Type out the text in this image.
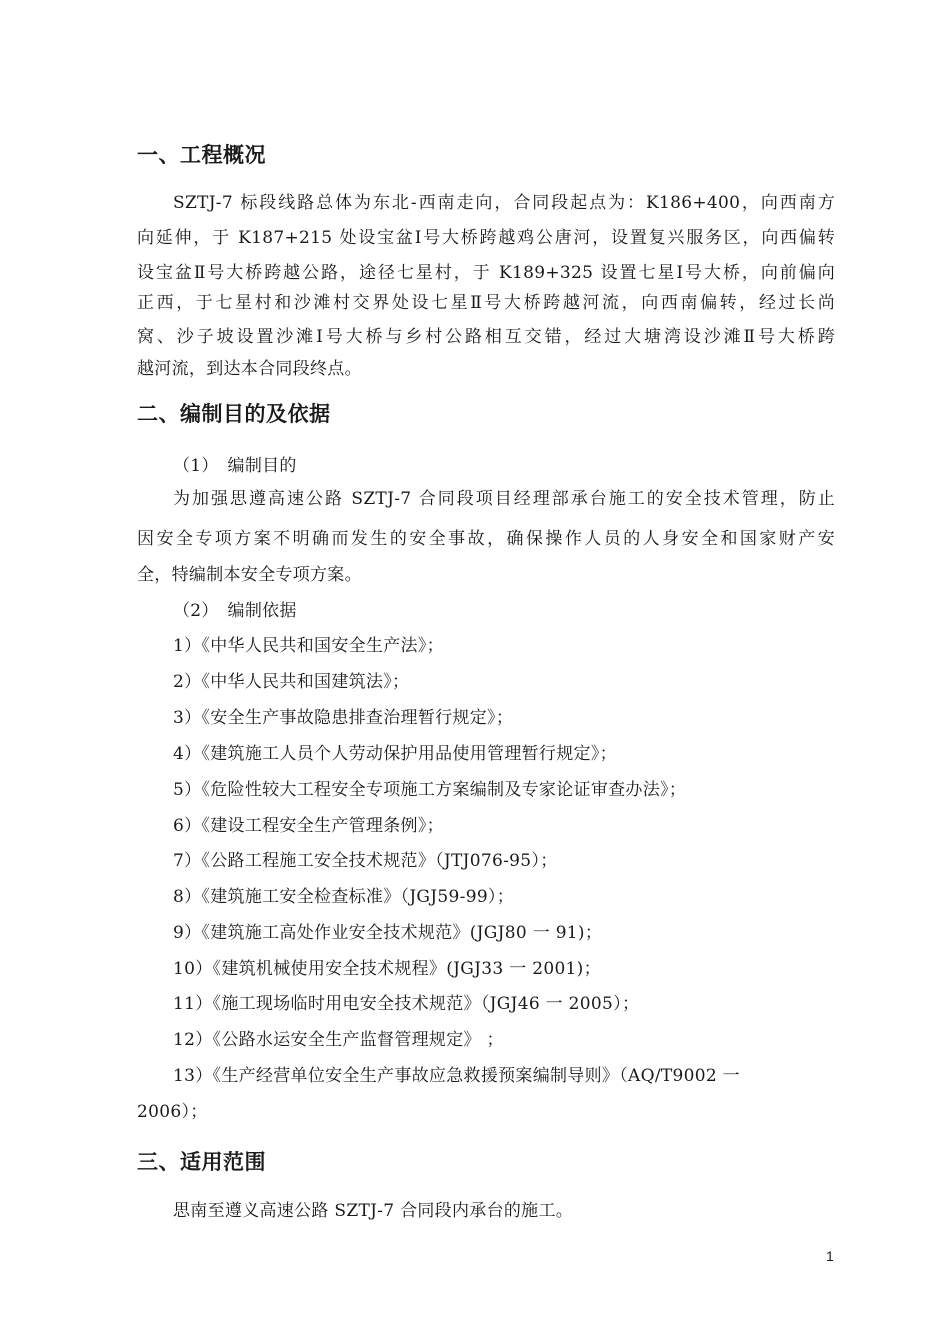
一、工程概况
SZTJ-7 标段线路总体为东北-西南走向，合同段起点为：K186+400，向西南方
向延伸，于 K187+215 处设宝盆Ⅰ号大桥跨越鸡公唐河，设置复兴服务区，向西偏转
设宝盆Ⅱ号大桥跨越公路，途径七星村，于 K189+325 设置七星Ⅰ号大桥，向前偏向
正西，于七星村和沙滩村交界处设七星Ⅱ号大桥跨越河流，向西南偏转，经过长尚
窝、沙子坡设置沙滩Ⅰ号大桥与乡村公路相互交错，经过大塘湾设沙滩Ⅱ号大桥跨
越河流，到达本合同段终点。
二、编制目的及依据
（1）　编制目的
为加强思遵高速公路 SZTJ-7 合同段项目经理部承台施工的安全技术管理，防止
因安全专项方案不明确而发生的安全事故，确保操作人员的人身安全和国家财产安
全，特编制本安全专项方案。
（2）　编制依据
1）《中华人民共和国安全生产法》；
2）《中华人民共和国建筑法》；
3）《安全生产事故隐患排查治理暂行规定》；
4）《建筑施工人员个人劳动保护用品使用管理暂行规定》；
5）《危险性较大工程安全专项施工方案编制及专家论证审查办法》；
6）《建设工程安全生产管理条例》；
7）《公路工程施工安全技术规范》（JTJ076-95）；
8）《建筑施工安全检查标准》（JGJ59-99）；
9）《建筑施工高处作业安全技术规范》(JGJ80 一 91)；
10）《建筑机械使用安全技术规程》(JGJ33 一 2001)；
11）《施工现场临时用电安全技术规范》（JGJ46 一 2005）；
12）《公路水运安全生产监督管理规定》 ；
13）《生产经营单位安全生产事故应急救援预案编制导则》（AQ/T9002 一
2006）；
三、适用范围
思南至遵义高速公路 SZTJ-7 合同段内承台的施工。
1
